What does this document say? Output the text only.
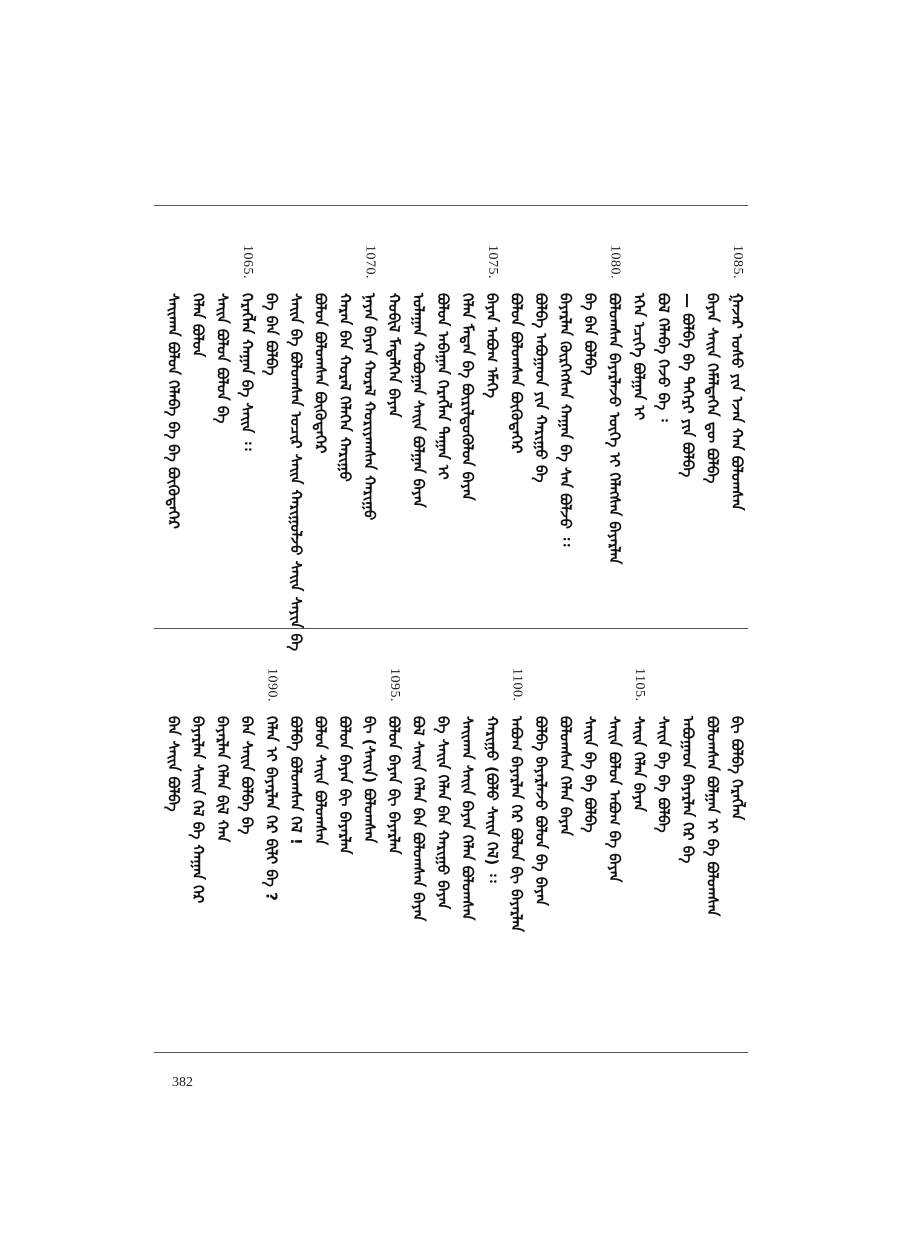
1085.
ᠭᠠᠵᠠᠷ ᠤᠰᠤ ᠶᠢᠨ ᠡᠵᠡᠨ ᠬᠠᠨ ᠪᠣᠯᠣᠭᠰᠠᠨ
ᠪᠠᠶᠠᠨ ᠰᠠᠢᠨ ᠬᠡᠮᠡᠯᠳᠡᠭᠡᠨ ᠳᠦ ᠪᠣᠯᠪᠠ
— ᠪᠣᠯᠪᠠ ᠪᠠ ᠲᠡᠭᠡᠷᠢ ᠶᠢᠨ ᠪᠣᠯᠪᠠ
ᠪᠣᠯ ᠬᠡᠯᠡᠪᠡ ᠭᠡᠵᠦ ᠪᠡ ᠄
ᠡᠬᠡᠨ ᠡᠴᠢᠭᠡ ᠪᠣᠯᠭᠠᠨ ᠢ
1080.
ᠪᠣᠯᠣᠭᠰᠠᠨ ᠪᠠᠶᠠᠷᠯᠠᠵᠤ ᠦᠭᠡ ᠢ ᠬᠡᠯᠡᠭᠰᠡᠨ ᠪᠠᠶᠠᠷᠯᠠᠨ
ᠪᠡ ᠪᠠᠨ ᠪᠣᠯᠪᠠ
ᠪᠠᠶᠠᠷᠯᠠᠨ ᠬᠦᠷᠭᠡᠭᠰᠡᠨ ᠬᠠᠭᠠᠨ ᠪᠡ ᠰᠡᠨ ᠪᠣᠯᠵᠤ ᠄᠄
ᠪᠣᠯᠪᠠ ᠠᠪᠤᠭᠠᠳ ᠶᠢᠨ ᠬᠠᠷᠢᠭᠤ ᠪᠡ
ᠪᠣᠯᠤᠨ ᠪᠣᠯᠣᠭᠰᠠᠨ ᠪᠦᠭᠦᠳᠡᠭᠡᠷ
1075.
ᠪᠠᠶᠠᠨ ᠠᠪᠤᠭ ᠡᠮᠡᠭᠡ
ᠬᠡᠯᠡᠨ ᠮᠡᠳᠡᠨ ᠪᠡ ᠪᠦᠷᠢᠯᠳᠦᠭᠦᠯᠦᠨ ᠪᠠᠶᠠᠨ
ᠪᠣᠯᠣᠨ ᠠᠪᠠᠭᠠᠨ ᠬᠡᠷᠡᠭᠯᠡᠨ ᠳᠠᠭᠠᠨ ᠢ
ᠤᠯᠠᠭᠠᠨ ᠬᠣᠪᠣᠭᠠᠨ ᠰᠠᠢᠨ ᠪᠣᠯᠭᠠᠨ ᠪᠠᠶᠠᠨ
ᠬᠣᠪᠢᠯ ᠮᠡᠳᠡᠯᠭᠡᠨ ᠪᠠᠶᠠᠨ
1070.
ᠨᠠᠶᠠᠨ ᠪᠠᠶᠠᠨ ᠬᠤᠷᠠᠯ ᠬᠤᠷᠢᠶᠠᠭᠰᠠᠨ ᠬᠠᠷᠢᠭᠤ
ᠬᠠᠷᠠᠨ ᠪᠡᠨ ᠬᠤᠷᠠᠯ ᠬᠡᠯᠡᠭᠡᠨ ᠬᠠᠷᠢᠭᠤ
ᠪᠣᠯᠣᠨ ᠪᠣᠯᠣᠭᠰᠠᠨ ᠪᠦᠭᠦᠳᠡᠭᠡᠷ
ᠰᠠᠢᠨ ᠪᠠ ᠪᠣᠯᠣᠭᠰᠠᠨ ᠤᠴᠢᠷ ᠰᠠᠢᠨ ᠬᠠᠷᠢᠭᠤᠯᠵᠤ ᠰᠠᠢᠨ ᠰᠠᠶᠢᠨ ᠪᠡ
ᠪᠡ ᠪᠠᠨ ᠪᠣᠯᠪᠠ
1065.
ᠬᠡᠷᠡᠭᠯᠡᠨ ᠬᠠᠭᠠᠨ ᠪᠡ ᠰᠠᠢᠨ ᠄᠄
ᠰᠠᠢᠨ ᠪᠣᠯᠤᠨ ᠪᠣᠯᠤᠨ ᠪᠡ
ᠬᠡᠯᠡᠨ ᠪᠣᠯᠣᠨ
ᠰᠠᠢᠬᠠᠨ ᠪᠣᠯᠤᠨ ᠬᠡᠯᠡᠪᠡ ᠪᠡ ᠪᠡ ᠪᠦᠭᠦᠳᠡᠭᠡᠷ
ᠪᠢ ᠪᠣᠯᠪᠠ ᠬᠡᠷᠡᠭᠯᠡᠨ
ᠪᠣᠯᠣᠭᠰᠠᠨ ᠪᠣᠯᠭᠠᠨ ᠢ ᠪᠡ ᠪᠣᠯᠣᠭᠰᠠᠨ
ᠠᠪᠤᠭᠠᠳ ᠪᠠᠶᠠᠷᠯᠠᠨ ᠬᠡᠷ ᠪᠡ
ᠰᠠᠢᠨ ᠪᠡ ᠪᠡ ᠪᠣᠯᠪᠠ
1105.
ᠰᠠᠢᠨ ᠬᠡᠯᠡᠨ ᠪᠠᠶᠠᠨ
ᠰᠠᠢᠨ ᠪᠣᠯᠣᠨ ᠠᠪᠤᠭ ᠪᠡ ᠪᠠᠶᠠᠨ
ᠰᠠᠢᠨ ᠪᠡ ᠪᠡ ᠪᠣᠯᠪᠠ
ᠪᠣᠯᠣᠭᠰᠠᠨ ᠬᠡᠯᠡᠨ ᠪᠠᠶᠠᠨ
ᠪᠣᠯᠪᠠ ᠪᠠᠶᠠᠷᠯᠠᠵᠤ ᠪᠣᠯᠤᠨ ᠪᠡ ᠪᠠᠶᠠᠨ
1100.
ᠠᠪᠤᠭ ᠪᠠᠶᠠᠷᠯᠠᠨ ᠬᠡᠷ ᠪᠣᠯᠤᠨ ᠪᠢ ᠪᠠᠶᠠᠷᠯᠠᠨ
ᠬᠠᠷᠢᠭᠤ (ᠪᠣᠯᠤ ᠰᠠᠢᠨ ᠬᠡᠯ) ᠄᠄
ᠰᠠᠢᠬᠠᠨ ᠰᠠᠢᠨ ᠪᠠᠶᠠᠨ ᠬᠡᠯᠡᠨ ᠪᠣᠯᠣᠭᠰᠠᠨ
ᠪᠡ ᠰᠠᠢᠨ ᠬᠡᠯᠡᠨ ᠪᠠᠨ ᠬᠠᠷᠢᠭᠤ ᠪᠠᠶᠠᠨ
ᠪᠣᠯ ᠰᠠᠢᠨ ᠬᠡᠯᠡᠨ ᠪᠠᠨ ᠪᠣᠯᠣᠭᠰᠠᠨ ᠪᠠᠶᠠᠨ
1095.
ᠪᠣᠯᠤᠨ ᠪᠠᠶᠠᠨ ᠪᠢ ᠪᠠᠶᠠᠷᠯᠠᠨ
ᠪᠢ (ᠰᠠᠢᠨ) ᠪᠣᠯᠣᠭᠰᠠᠨ
ᠪᠣᠯᠤᠨ ᠪᠠᠶᠠᠨ ᠪᠢ ᠪᠠᠶᠠᠷᠯᠠᠨ
ᠪᠣᠯᠤᠨ ᠰᠠᠢᠨ ᠪᠣᠯᠣᠭᠰᠠᠨ
ᠪᠣᠯᠪᠠ ᠪᠣᠯᠣᠭᠰᠠᠨ ᠬᠡᠯ !
1090.
ᠬᠡᠯᠡᠨ ᠢ ᠪᠠᠶᠠᠷᠯᠠᠨ ᠬᠡᠷ ᠪᠢᠯᠢ ᠪᠡ ?
ᠪᠡᠨ ᠰᠠᠢᠨ ᠪᠣᠯᠪᠠ ᠪᠠ
ᠪᠠᠶᠠᠷᠯᠠᠨ ᠬᠡᠯᠡᠨ ᠪᠢᠯ ᠬᠠᠨ
ᠪᠠᠶᠠᠷᠯᠠᠨ ᠰᠠᠢᠨ ᠬᠡᠯ ᠪᠡ ᠬᠠᠭᠠᠨ ᠬᠡᠷ
ᠪᠡᠨ ᠰᠠᠢᠨ ᠪᠣᠯᠪᠠ
382
